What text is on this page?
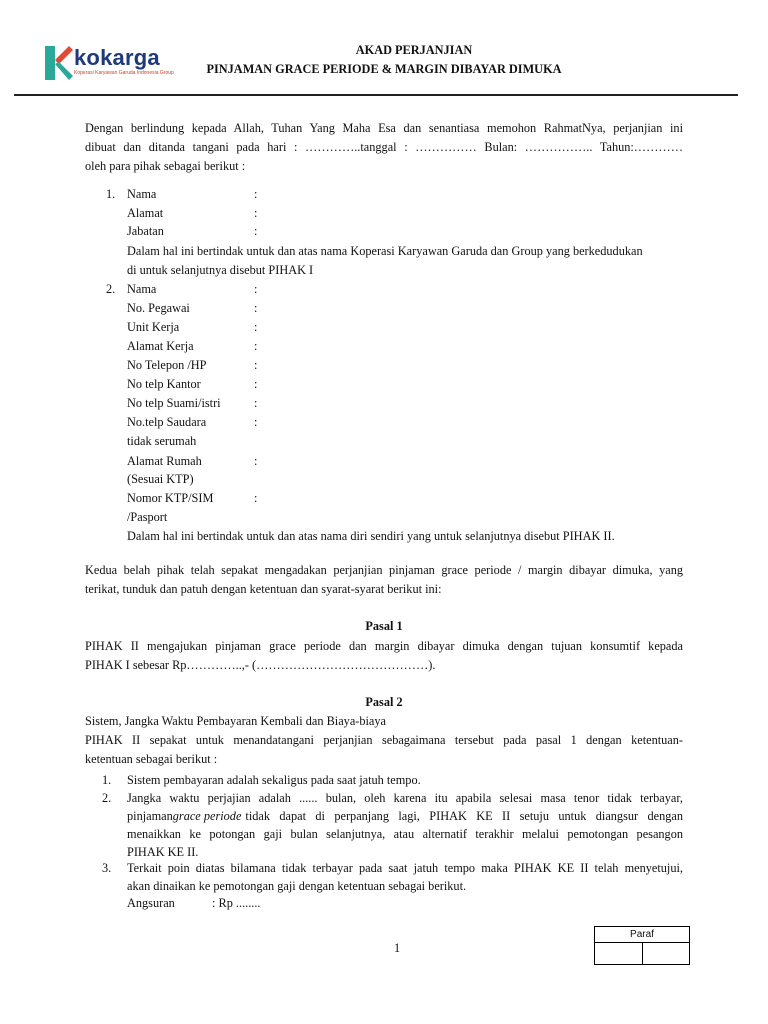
kokarga
Koperasi Karyawan Garuda Indonesia Group
AKAD PERJANJIAN
PINJAMAN GRACE PERIODE & MARGIN DIBAYAR DIMUKA
Dengan berlindung kepada Allah, Tuhan Yang Maha Esa dan senantiasa memohon RahmatNya, perjanjian ini
dibuat dan ditanda tangani pada hari : …………..tanggal : …………… Bulan: …………….. Tahun:…………
oleh para pihak sebagai berikut :
1. Nama	:
Alamat	:
Jabatan	:
Dalam hal ini bertindak untuk dan atas nama Koperasi Karyawan Garuda dan Group yang berkedudukan
di untuk selanjutnya disebut PIHAK I
2. Nama	:
No. Pegawai	:
Unit Kerja	:
Alamat Kerja	:
No Telepon /HP	:
No telp Kantor	:
No telp Suami/istri	:
No.telp Saudara	:
tidak serumah
Alamat Rumah	:
(Sesuai KTP)
Nomor KTP/SIM	:
/Pasport
Dalam hal ini bertindak untuk dan atas nama diri sendiri yang untuk selanjutnya disebut PIHAK II.
Kedua belah pihak telah sepakat mengadakan perjanjian pinjaman grace periode / margin dibayar dimuka, yang
terikat, tunduk dan patuh dengan ketentuan dan syarat-syarat berikut ini:
Pasal 1
PIHAK II mengajukan pinjaman grace periode dan margin dibayar dimuka dengan tujuan konsumtif kepada
PIHAK I sebesar Rp…………..,- (……………………………………).
Pasal 2
Sistem, Jangka Waktu Pembayaran Kembali dan Biaya-biaya
PIHAK II sepakat untuk menandatangani perjanjian sebagaimana tersebut pada pasal 1 dengan ketentuan-
ketentuan sebagai berikut :
1. Sistem pembayaran adalah sekaligus pada saat jatuh tempo.
2. Jangka waktu perjajian adalah ...... bulan, oleh karena itu apabila selesai masa tenor tidak terbayar,
pinjaman grace periode tidak dapat di perpanjang lagi, PIHAK KE II setuju untuk diangsur dengan
menaikkan ke potongan gaji bulan selanjutnya, atau alternatif terakhir melalui pemotongan pesangon
PIHAK KE II.
3. Terkait poin diatas bilamana tidak terbayar pada saat jatuh tempo maka PIHAK KE II telah menyetujui,
akan dinaikan ke pemotongan gaji dengan ketentuan sebagai berikut.
Angsuran	: Rp ........
1
Paraf
